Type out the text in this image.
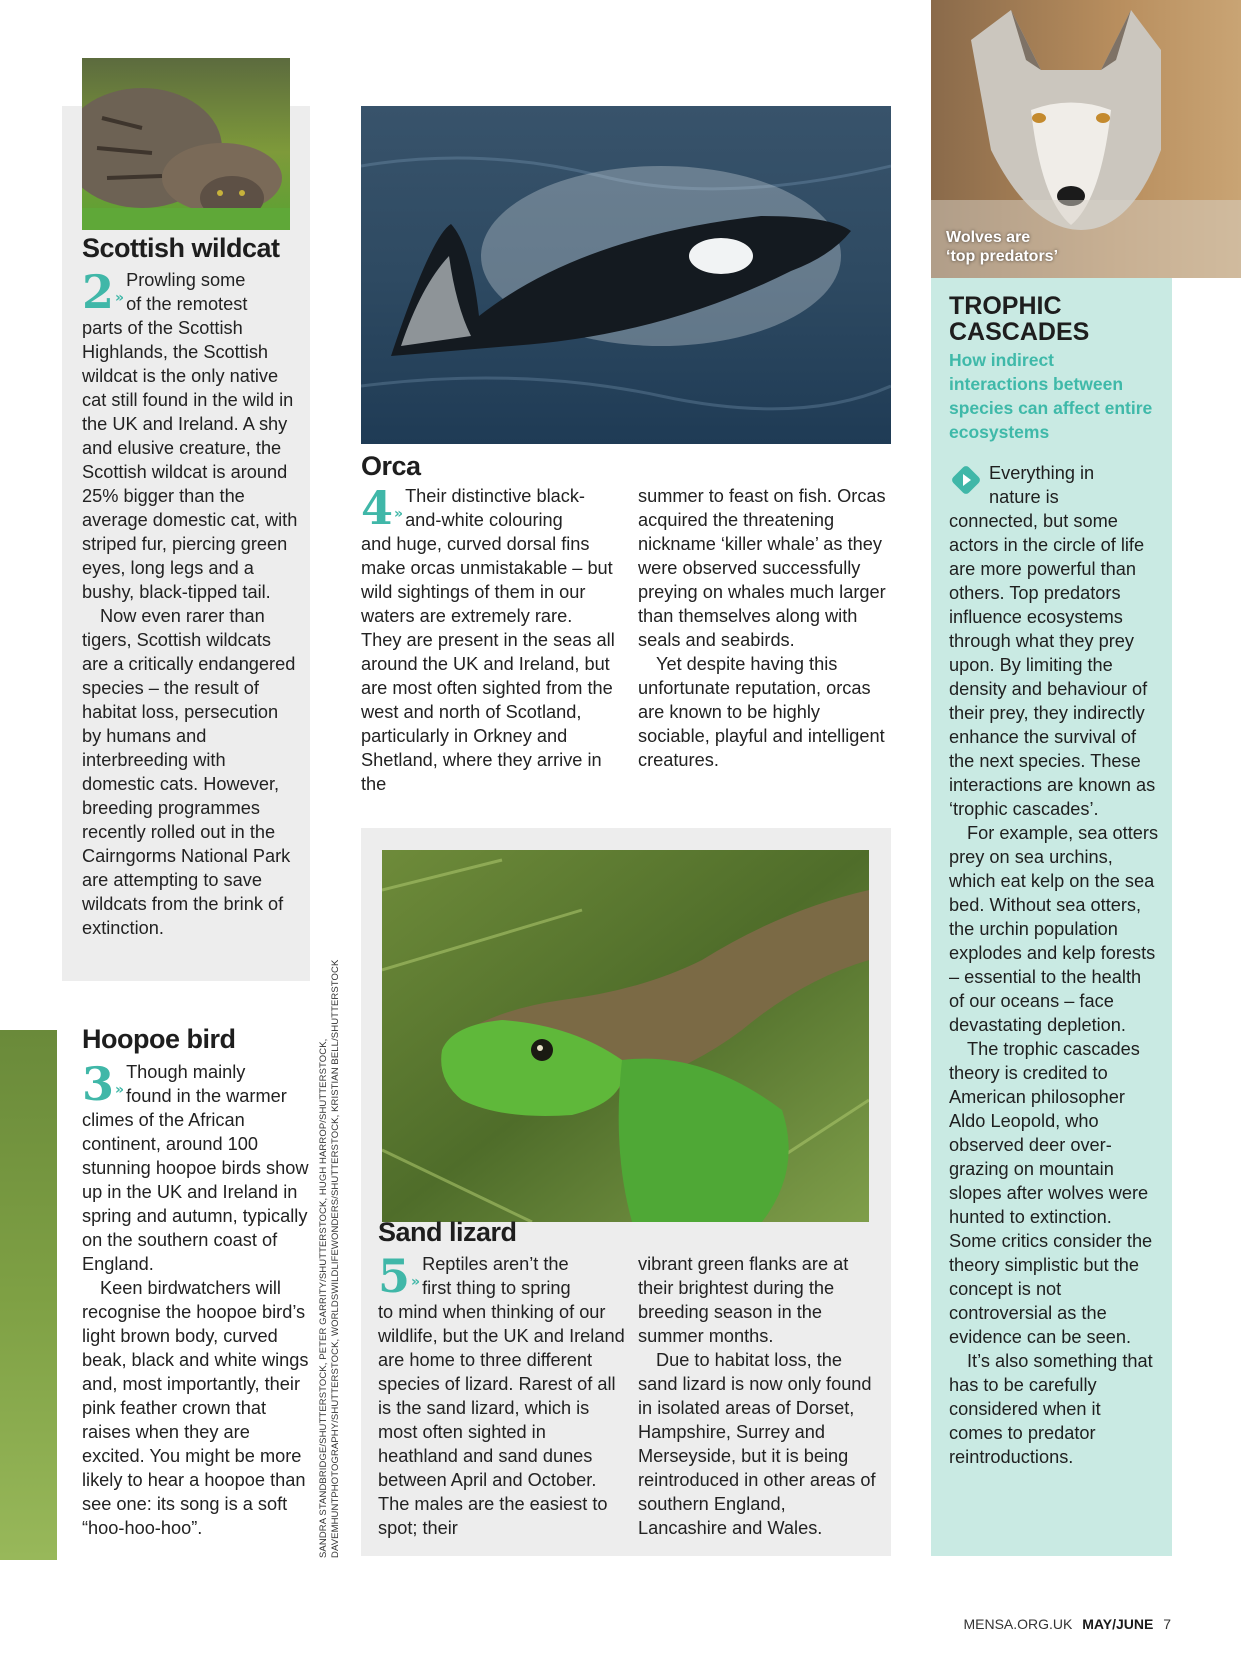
Scottish wildcat
2»
Prowling some
of the remotest

parts of the Scottish Highlands, the Scottish wildcat is the only native cat still found in the wild in the UK and Ireland. A shy and elusive creature, the Scottish wildcat is around 25% bigger than the average domestic cat, with striped fur, piercing green eyes, long legs and a bushy, black-tipped tail.

Now even rarer than tigers, Scottish wildcats are a critically endangered species – the result of habitat loss, persecution by humans and interbreeding with domestic cats. However, breeding programmes recently rolled out in the Cairngorms National Park are attempting to save wildcats from the brink of extinction.

Hoopoe bird
3»
Though mainly
found in the warmer

climes of the African continent, around 100 stunning hoopoe birds show up in the UK and Ireland in spring and autumn, typically on the southern coast of England.

Keen birdwatchers will recognise the hoopoe bird’s light brown body, curved beak, black and white wings and, most importantly, their pink feather crown that raises when they are excited. You might be more likely to hear a hoopoe than see one: its song is a soft “hoo-hoo-hoo”.	SANDRA STANDBRIDGE/SHUTTERSTOCK, PETER GARRITY/SHUTTERSTOCK, HUGH HARROP/SHUTTERSTOCK, DAVEMHUNTPHOTOGRAPHY/SHUTTERSTOCK, WORLDSWILDLIFEWONDERS/SHUTTERSTOCK, KRISTIAN BELL/SHUTTERSTOCK
Orca
4»
Their distinctive black-
and-white colouring

and huge, curved dorsal fins make orcas unmistakable – but wild sightings of them in our waters are extremely rare. They are present in the seas all around the UK and Ireland, but are most often sighted from the west and north of Scotland, particularly in Orkney and Shetland, where they arrive in the

summer to feast on fish. Orcas acquired the threatening nickname ‘killer whale’ as they were observed successfully preying on whales much larger than themselves along with seals and seabirds.

Yet despite having this unfortunate reputation, orcas are known to be highly sociable, playful and intelligent creatures.

Sand lizard
5»
Reptiles aren’t the
first thing to spring

to mind when thinking of our wildlife, but the UK and Ireland are home to three different species of lizard. Rarest of all is the sand lizard, which is most often sighted in heathland and sand dunes between April and October. The males are the easiest to spot; their

vibrant green flanks are at their brightest during the breeding season in the summer months.

Due to habitat loss, the sand lizard is now only found in isolated areas of Dorset, Hampshire, Surrey and Merseyside, but it is being reintroduced in other areas of southern England, Lancashire and Wales.

Wolves are
‘top predators’
TROPHIC
CASCADES
How indirect interactions between species can affect entire ecosystems
Everything in
nature is

connected, but some actors in the circle of life are more powerful than others. Top predators influence ecosystems through what they prey upon. By limiting the density and behaviour of their prey, they indirectly enhance the survival of the next species. These interactions are known as ‘trophic cascades’.

For example, sea otters prey on sea urchins, which eat kelp on the sea bed. Without sea otters, the urchin population explodes and kelp forests – essential to the health of our oceans – face devastating depletion.

The trophic cascades theory is credited to American philosopher Aldo Leopold, who observed deer over-grazing on mountain slopes after wolves were hunted to extinction. Some critics consider the theory simplistic but the concept is not controversial as the evidence can be seen.

It’s also something that has to be carefully considered when it comes to predator reintroductions.

MENSA.ORG.UK MAY/JUNE 7
